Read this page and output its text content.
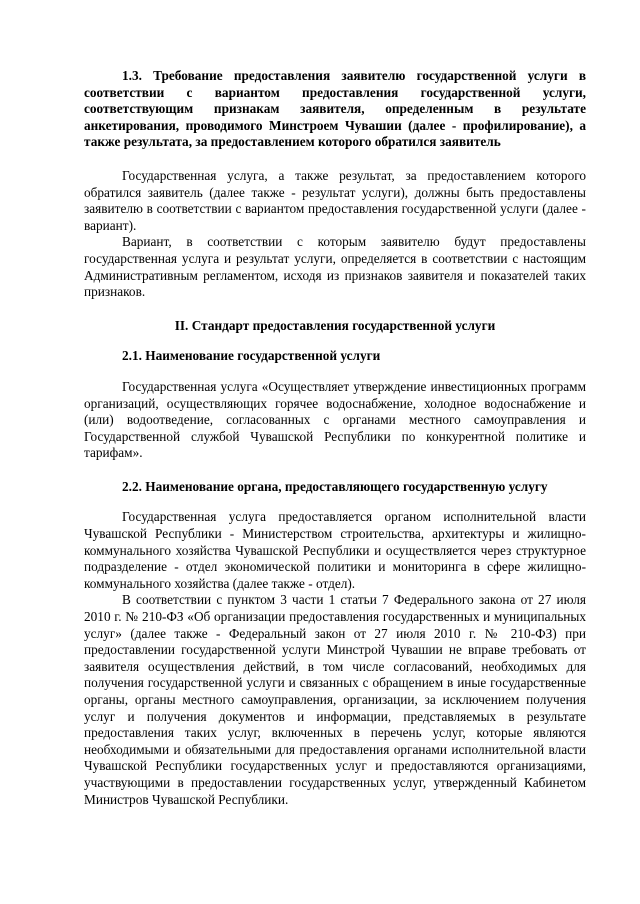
1.3. Требование предоставления заявителю государственной услуги в соответствии с вариантом предоставления государственной услуги, соответствующим признакам заявителя, определенным в результате анкетирования, проводимого Минстроем Чувашии (далее - профилирование), а также результата, за предоставлением которого обратился заявитель

Государственная услуга, а также результат, за предоставлением которого обратился заявитель (далее также - результат услуги), должны быть предоставлены заявителю в соответствии с вариантом предоставления государственной услуги (далее - вариант).

Вариант, в соответствии с которым заявителю будут предоставлены государственная услуга и результат услуги, определяется в соответствии с настоящим Административным регламентом, исходя из признаков заявителя и показателей таких признаков.

II. Стандарт предоставления государственной услуги

2.1. Наименование государственной услуги

Государственная услуга «Осуществляет утверждение инвестиционных программ организаций, осуществляющих горячее водоснабжение, холодное водоснабжение и (или) водоотведение, согласованных с органами местного самоуправления и Государственной службой Чувашской Республики по конкурентной политике и тарифам».

2.2. Наименование органа, предоставляющего государственную услугу

Государственная услуга предоставляется органом исполнительной власти Чувашской Республики - Министерством строительства, архитектуры и жилищно-коммунального хозяйства Чувашской Республики и осуществляется через структурное подразделение - отдел экономической политики и мониторинга в сфере жилищно-коммунального хозяйства (далее также - отдел).

В соответствии с пунктом 3 части 1 статьи 7 Федерального закона от 27 июля 2010 г. № 210-ФЗ «Об организации предоставления государственных и муниципальных услуг» (далее также - Федеральный закон от 27 июля 2010 г. № 210-ФЗ) при предоставлении государственной услуги Минстрой Чувашии не вправе требовать от заявителя осуществления действий, в том числе согласований, необходимых для получения государственной услуги и связанных с обращением в иные государственные органы, органы местного самоуправления, организации, за исключением получения услуг и получения документов и информации, представляемых в результате предоставления таких услуг, включенных в перечень услуг, которые являются необходимыми и обязательными для предоставления органами исполнительной власти Чувашской Республики государственных услуг и предоставляются организациями, участвующими в предоставлении государственных услуг, утвержденный Кабинетом Министров Чувашской Республики.
